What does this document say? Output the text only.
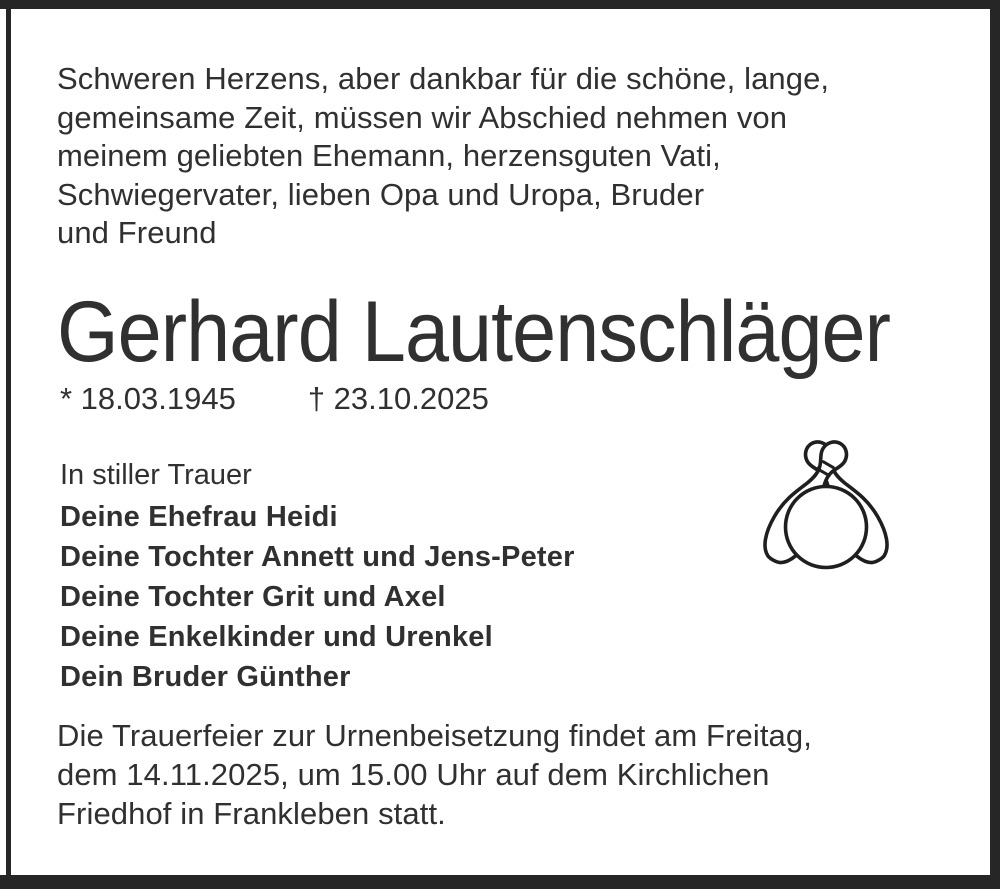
Schweren Herzens, aber dankbar für die schöne, lange,
gemeinsame Zeit, müssen wir Abschied nehmen von
meinem geliebten Ehemann, herzensguten Vati,
Schwiegervater, lieben Opa und Uropa, Bruder
und Freund
Gerhard Lautenschläger
* 18.03.1945 † 23.10.2025
In stiller Trauer
Deine Ehefrau Heidi
Deine Tochter Annett und Jens-Peter
Deine Tochter Grit und Axel
Deine Enkelkinder und Urenkel
Dein Bruder Günther
Die Trauerfeier zur Urnenbeisetzung findet am Freitag,
dem 14.11.2025, um 15.00 Uhr auf dem Kirchlichen
Friedhof in Frankleben statt.
